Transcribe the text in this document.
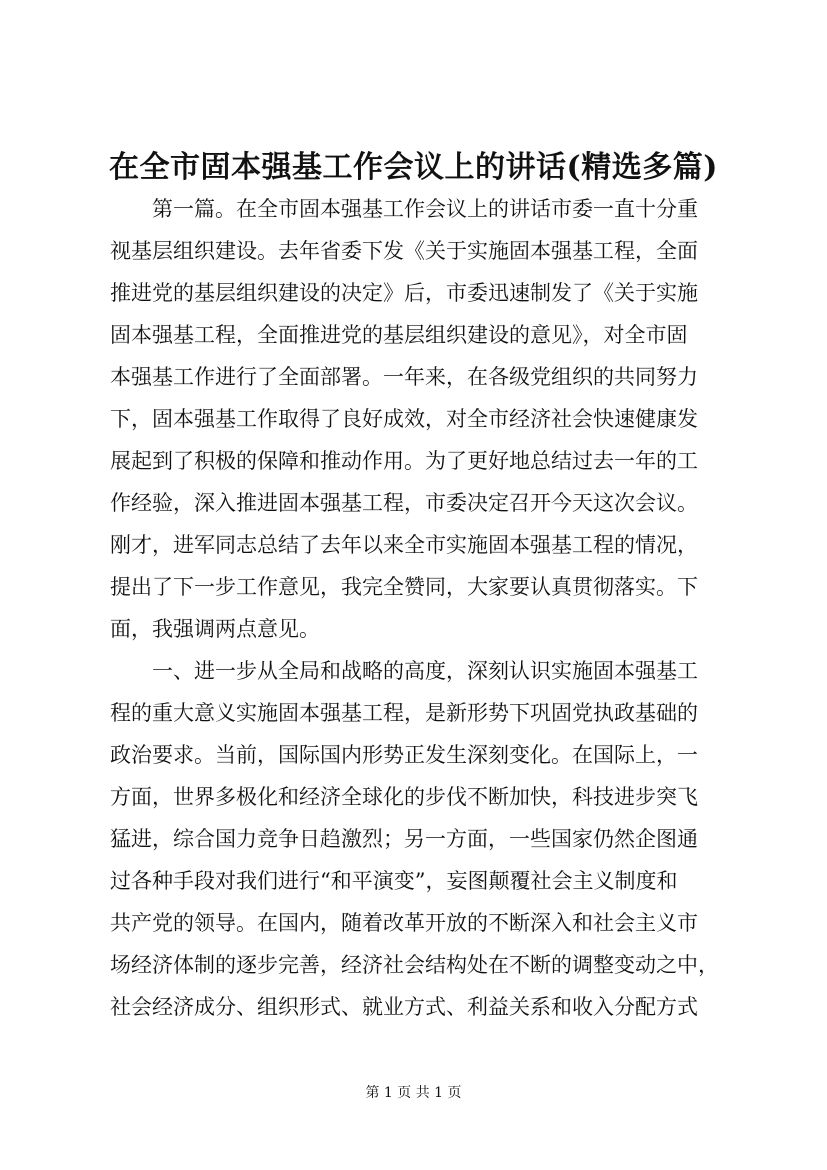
在全市固本强基工作会议上的讲话(精选多篇)
第一篇。在全市固本强基工作会议上的讲话市委一直十分重
视基层组织建设。去年省委下发《关于实施固本强基工程，全面
推进党的基层组织建设的决定》后，市委迅速制发了《关于实施
固本强基工程，全面推进党的基层组织建设的意见》，对全市固
本强基工作进行了全面部署。一年来，在各级党组织的共同努力
下，固本强基工作取得了良好成效，对全市经济社会快速健康发
展起到了积极的保障和推动作用。为了更好地总结过去一年的工
作经验，深入推进固本强基工程，市委决定召开今天这次会议。
刚才，进军同志总结了去年以来全市实施固本强基工程的情况，
提出了下一步工作意见，我完全赞同，大家要认真贯彻落实。下
面，我强调两点意见。
一、进一步从全局和战略的高度，深刻认识实施固本强基工
程的重大意义实施固本强基工程，是新形势下巩固党执政基础的
政治要求。当前，国际国内形势正发生深刻变化。在国际上，一
方面，世界多极化和经济全球化的步伐不断加快，科技进步突飞
猛进，综合国力竞争日趋激烈；另一方面，一些国家仍然企图通
过各种手段对我们进行“和平演变”，妄图颠覆社会主义制度和
共产党的领导。在国内，随着改革开放的不断深入和社会主义市
场经济体制的逐步完善，经济社会结构处在不断的调整变动之中，
社会经济成分、组织形式、就业方式、利益关系和收入分配方式
第 1 页 共 1 页
